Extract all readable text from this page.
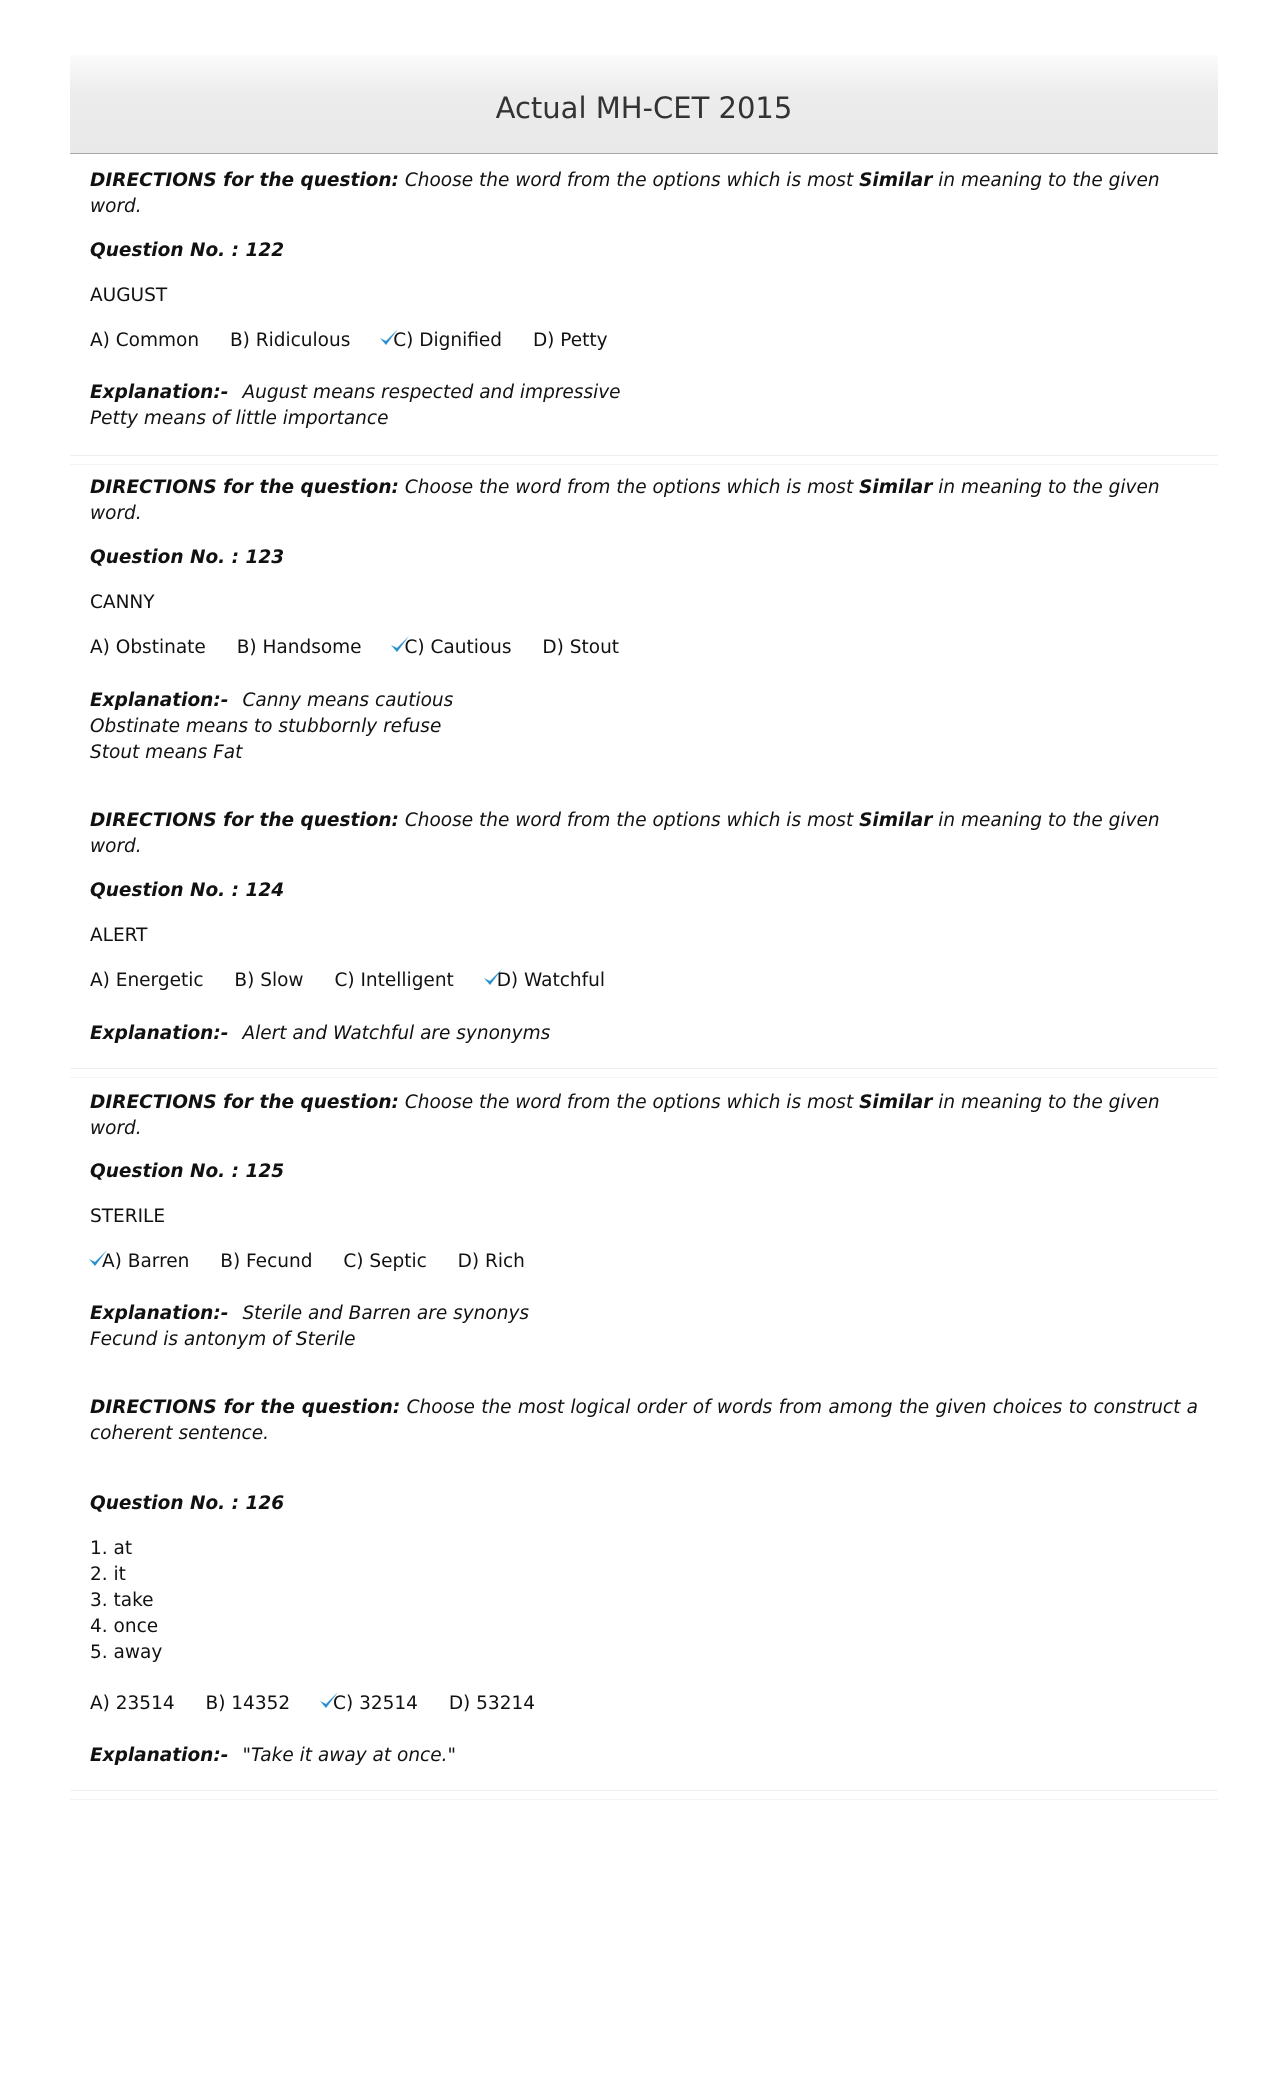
Actual MH-CET 2015
DIRECTIONS for the question: Choose the word from the options which is most Similar in meaning to the given word.
Question No. : 122
AUGUST
A) Common B) Ridiculous C) Dignified D) Petty
Explanation:- August means respected and impressive
Petty means of little importance
DIRECTIONS for the question: Choose the word from the options which is most Similar in meaning to the given word.
Question No. : 123
CANNY
A) Obstinate B) Handsome C) Cautious D) Stout
Explanation:- Canny means cautious
Obstinate means to stubbornly refuse
Stout means Fat
DIRECTIONS for the question: Choose the word from the options which is most Similar in meaning to the given word.
Question No. : 124
ALERT
A) Energetic B) Slow C) Intelligent D) Watchful
Explanation:- Alert and Watchful are synonyms
DIRECTIONS for the question: Choose the word from the options which is most Similar in meaning to the given word.
Question No. : 125
STERILE
A) Barren B) Fecund C) Septic D) Rich
Explanation:- Sterile and Barren are synonys
Fecund is antonym of Sterile
DIRECTIONS for the question: Choose the most logical order of words from among the given choices to construct a coherent sentence.
Question No. : 126
1. at
2. it
3. take
4. once
5. away
A) 23514 B) 14352 C) 32514 D) 53214
Explanation:- "Take it away at once."
